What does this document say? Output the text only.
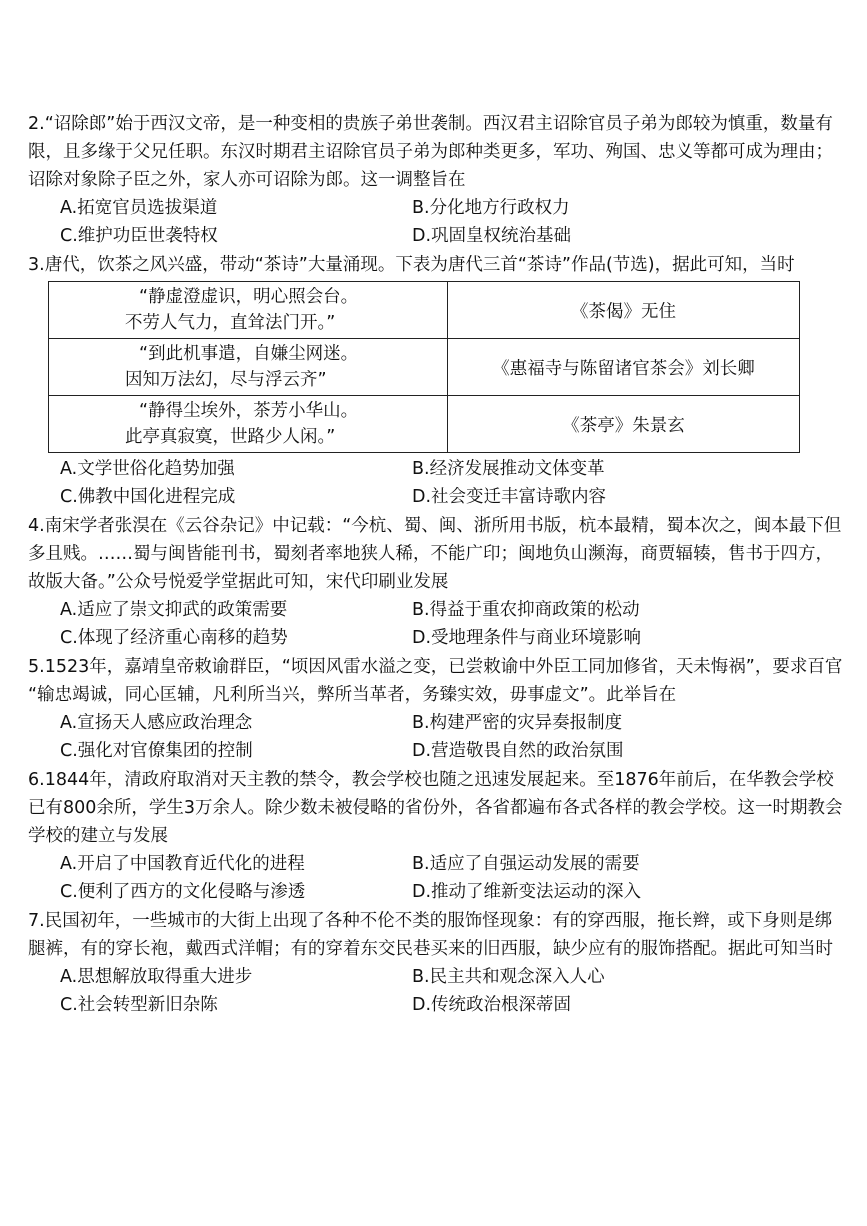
2.“诏除郎”始于西汉文帝，是一种变相的贵族子弟世袭制。西汉君主诏除官员子弟为郎较为慎重，数量有限，且多缘于父兄任职。东汉时期君主诏除官员子弟为郎种类更多，军功、殉国、忠义等都可成为理由；诏除对象除子臣之外，家人亦可诏除为郎。这一调整旨在

A.拓宽官员选拔渠道	B.分化地方行政权力
C.维护功臣世袭特权	D.巩固皇权统治基础

3.唐代，饮茶之风兴盛，带动“茶诗”大量涌现。下表为唐代三首“茶诗”作品(节选)，据此可知，当时

“静虚澄虚识，明心照会台。
不劳人气力，直耸法门开。”	《茶偈》无住

“到此机事遣，自嫌尘网迷。
因知万法幻，尽与浮云齐”	《惠福寺与陈留诸官茶会》刘长卿

“静得尘埃外，茶芳小华山。
此亭真寂寞，世路少人闲。”	《茶亭》朱景玄
A.文学世俗化趋势加强	B.经济发展推动文体变革
C.佛教中国化进程完成	D.社会变迁丰富诗歌内容

4.南宋学者张淏在《云谷杂记》中记载：“今杭、蜀、闽、浙所用书版，杭本最精，蜀本次之，闽本最下但多且贱。……蜀与闽皆能刊书，蜀刻者率地狭人稀，不能广印；闽地负山濒海，商贾辐辏，售书于四方，故版大备。”公众号悦爱学堂据此可知，宋代印刷业发展

A.适应了崇文抑武的政策需要	B.得益于重农抑商政策的松动
C.体现了经济重心南移的趋势	D.受地理条件与商业环境影响

5.1523年，嘉靖皇帝敕谕群臣，“顷因风雷水溢之变，已尝敕谕中外臣工同加修省，天未悔祸”，要求百官 “输忠竭诚，同心匡辅，凡利所当兴，弊所当革者，务臻实效，毋事虚文”。此举旨在

A.宣扬天人感应政治理念	B.构建严密的灾异奏报制度
C.强化对官僚集团的控制	D.营造敬畏自然的政治氛围

6.1844年，清政府取消对天主教的禁令，教会学校也随之迅速发展起来。至1876年前后，在华教会学校已有800余所，学生3万余人。除少数未被侵略的省份外，各省都遍布各式各样的教会学校。这一时期教会学校的建立与发展

A.开启了中国教育近代化的进程	B.适应了自强运动发展的需要
C.便利了西方的文化侵略与渗透	D.推动了维新变法运动的深入

7.民国初年，一些城市的大街上出现了各种不伦不类的服饰怪现象：有的穿西服，拖长辫，或下身则是绑腿裤，有的穿长袍，戴西式洋帽；有的穿着东交民巷买来的旧西服，缺少应有的服饰搭配。据此可知当时

A.思想解放取得重大进步	B.民主共和观念深入人心
C.社会转型新旧杂陈	D.传统政治根深蒂固
